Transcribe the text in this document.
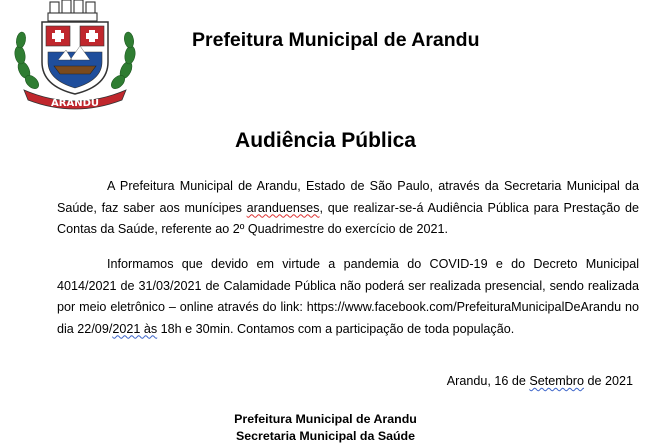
ARANDU
Prefeitura Municipal de Arandu
Audiência Pública

A Prefeitura Municipal de Arandu, Estado de São Paulo, através da Secretaria Municipal da Saúde, faz saber aos munícipes aranduenses, que realizar-se-á Audiência Pública para Prestação de Contas da Saúde, referente ao 2º Quadrimestre do exercício de 2021.

Informamos que devido em virtude a pandemia do COVID-19 e do Decreto Municipal 4014/2021 de 31/03/2021 de Calamidade Pública não poderá ser realizada presencial, sendo realizada por meio eletrônico – online através do link: https://www.facebook.com/PrefeituraMunicipalDeArandu no dia 22/09/2021 às 18h e 30min. Contamos com a participação de toda população.

Arandu, 16 de Setembro de 2021
Prefeitura Municipal de Arandu
Secretaria Municipal da Saúde
